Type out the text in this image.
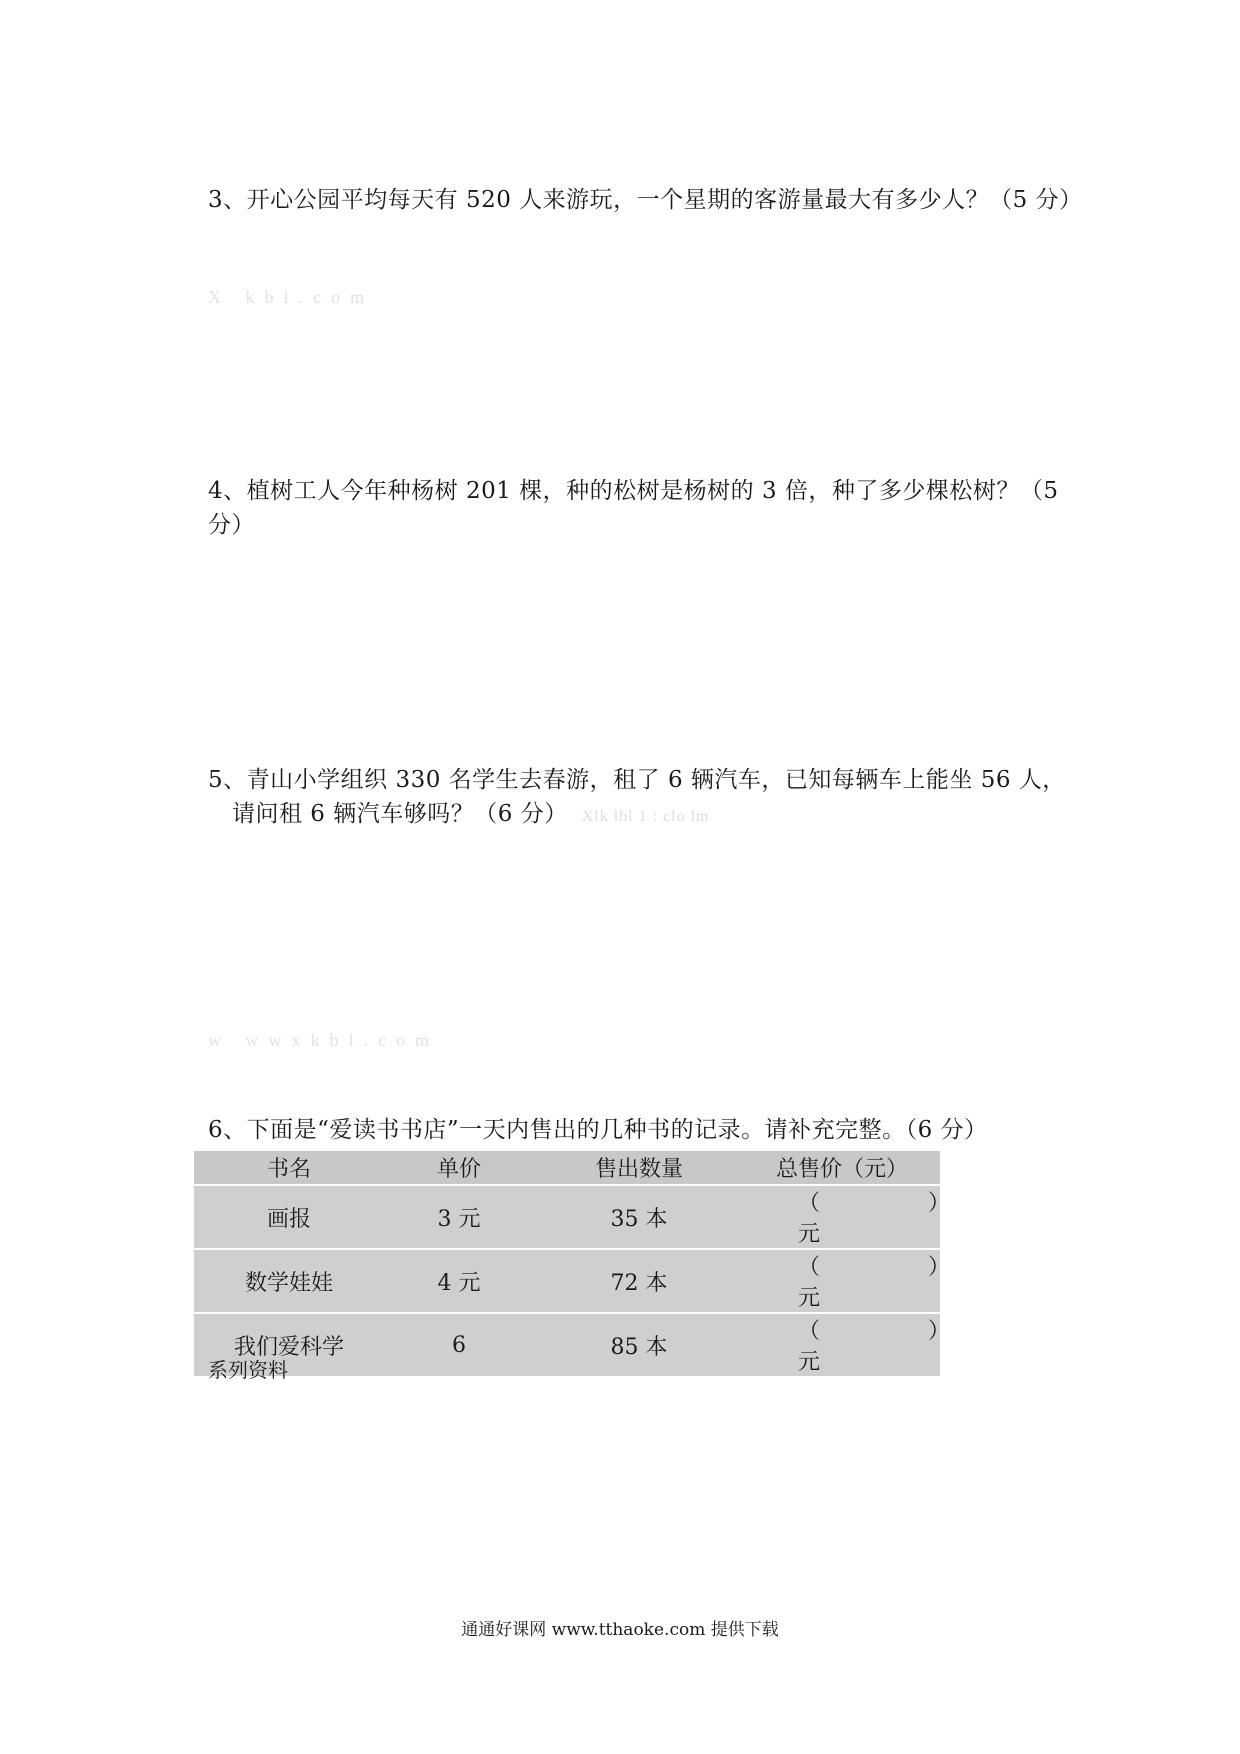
3、开心公园平均每天有 520 人来游玩，一个星期的客游量最大有多少人？（5 分）
X kbl.com
4、植树工人今年种杨树 201 棵，种的松树是杨树的 3 倍，种了多少棵松树？（5
分）
5、青山小学组织 330 名学生去春游，租了 6 辆汽车，已知每辆车上能坐 56 人，
请问租 6 辆汽车够吗？（6 分） Xlk lbl 1 : clo lm
w wwxkbl.com
6、下面是“爱读书书店”一天内售出的几种书的记录。请补充完整。（6 分）
书名	单价	售出数量	总售价（元）
画报	3 元	35 本	（ ）元
数学娃娃	4 元	72 本	（ ）元
我们爱科学	6	85 本	（ ）元
系列资料
通通好课网 www.tthaoke.com 提供下载
